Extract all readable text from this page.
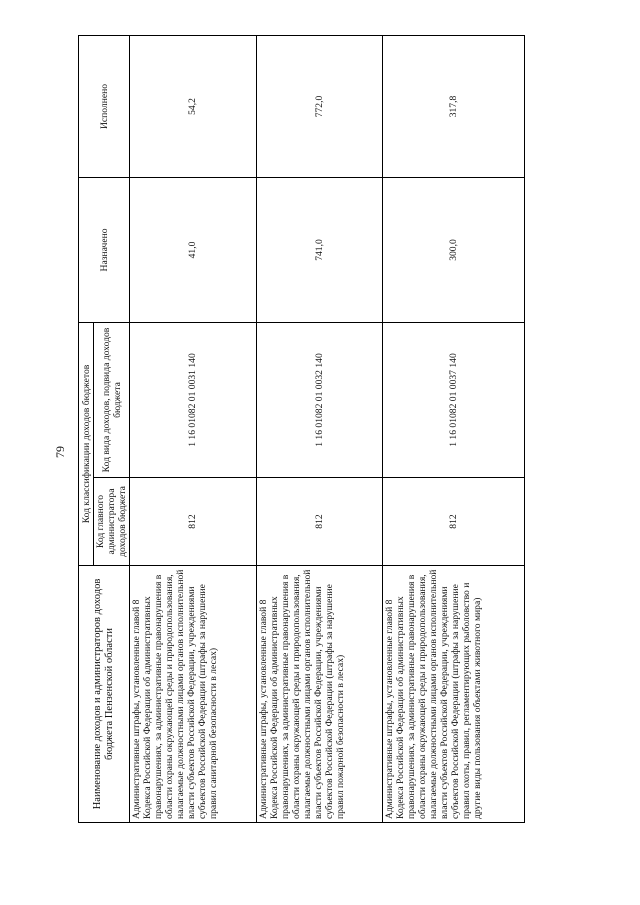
79
Наименование доходов и администраторов доходов бюджета Пензенской области	Код классификации доходов бюджетов		Назначено	Исполнено
	Код главного администратора доходов бюджета	Код вида доходов, подвида доходов бюджета		
Административные штрафы, установленные главой 8 Кодекса Российской Федерации об административных правонарушениях, за административные правонарушения в области охраны окружающей среды и природопользования, налагаемые должностными лицами органов исполнительной власти субъектов Российской Федерации, учреждениями субъектов Российской Федерации (штрафы за нарушение правил санитарной безопасности в лесах)	812	1 16 01082 01 0031 140	41,0	54,2
Административные штрафы, установленные главой 8 Кодекса Российской Федерации об административных правонарушениях, за административные правонарушения в области охраны окружающей среды и природопользования, налагаемые должностными лицами органов исполнительной власти субъектов Российской Федерации, учреждениями субъектов Российской Федерации (штрафы за нарушение правил пожарной безопасности в лесах)	812	1 16 01082 01 0032 140	741,0	772,0
Административные штрафы, установленные главой 8 Кодекса Российской Федерации об административных правонарушениях, за административные правонарушения в области охраны окружающей среды и природопользования, налагаемые должностными лицами органов исполнительной власти субъектов Российской Федерации, учреждениями субъектов Российской Федерации (штрафы за нарушение правил охоты, правил, регламентирующих рыболовство и другие виды пользования объектами животного мира)	812	1 16 01082 01 0037 140	300,0	317,8
